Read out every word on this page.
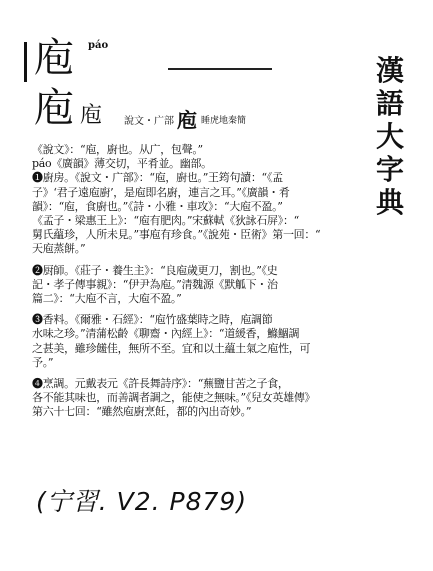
庖 páo
庖 庖 說文・广部 庖 睡虎地秦簡
漢
語
大
字
典
《說文》：“庖，廚也。从广，包聲。”
páo《廣韻》薄交切，平肴並。幽部。
❶廚房。《說文・广部》：“庖，廚也。”王筠句讀：“《孟
子》‘君子遠庖廚’，是庖即名廚，連言之耳。”《廣韻・肴
韻》：“庖，食廚也。”《詩・小雅・車攻》：“大庖不盈。”
《孟子・梁惠王上》：“庖有肥肉。”宋蘇軾《狄詠石屏》：“
舅氏蘊珍，人所未見。”事庖有珍食。”《說苑・臣術》第一回：“
天庖蒸餅。”
❷厨師。《莊子・養生主》：“良庖歲更刀，割也。”《史
記・孝子傳事親》：“伊尹為庖。”清魏源《默觚下・治
篇二》：“大庖不言，大庖不盈。”
❸香料。《爾雅・石經》：“庖竹盛葉時之時，庖調節
水味之珍。”清蒲松齡《聊齋・內經上》：“道緩香，鰷鯝調
之甚美，雖珍饈佳，無所不至。宜和以土蘊土氣之庖性，可
予。”
❹烹調。元戴表元《許長舞詩序》：“蕪鹽甘苦之子食，
各不能其味也，而善調者調之，能使之無味。”《兒女英雄傳》
第六十七回：“雖然庖廚烹飪，都的內出奇妙。”
(宁習. V2. P879)
